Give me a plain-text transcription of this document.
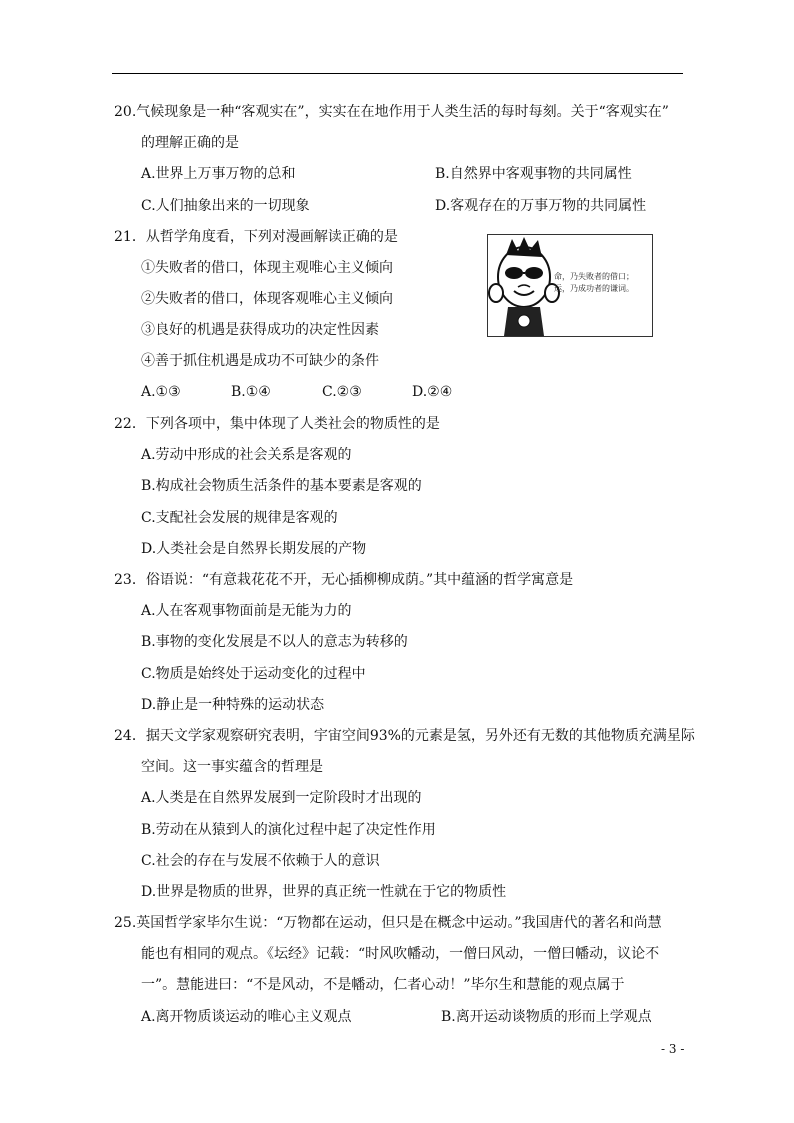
20.气候现象是一种“客观实在”，实实在在地作用于人类生活的每时每刻。关于“客观实在”
的理解正确的是
A.世界上万事万物的总和	B.自然界中客观事物的共同属性
C.人们抽象出来的一切现象	D.客观存在的万事万物的共同属性
21．从哲学角度看，下列对漫画解读正确的是
①失败者的借口，体现主观唯心主义倾向
②失败者的借口，体现客观唯心主义倾向
③良好的机遇是获得成功的决定性因素
④善于抓住机遇是成功不可缺少的条件
A.①③	B.①④	C.②③	D.②④
命，乃失败者的借口；
运，乃成功者的谦词。
22．下列各项中，集中体现了人类社会的物质性的是
A.劳动中形成的社会关系是客观的
B.构成社会物质生活条件的基本要素是客观的
C.支配社会发展的规律是客观的
D.人类社会是自然界长期发展的产物
23．俗语说：“有意栽花花不开，无心插柳柳成荫。”其中蕴涵的哲学寓意是
A.人在客观事物面前是无能为力的
B.事物的变化发展是不以人的意志为转移的
C.物质是始终处于运动变化的过程中
D.静止是一种特殊的运动状态
24．据天文学家观察研究表明，宇宙空间93%的元素是氢，另外还有无数的其他物质充满星际
空间。这一事实蕴含的哲理是
A.人类是在自然界发展到一定阶段时才出现的
B.劳动在从猿到人的演化过程中起了决定性作用
C.社会的存在与发展不依赖于人的意识
D.世界是物质的世界，世界的真正统一性就在于它的物质性
25.英国哲学家毕尔生说：“万物都在运动，但只是在概念中运动。”我国唐代的著名和尚慧
能也有相同的观点。《坛经》记载：“时风吹幡动，一僧曰风动，一僧曰幡动，议论不
一”。慧能进曰：“不是风动，不是幡动，仁者心动！”毕尔生和慧能的观点属于
A.离开物质谈运动的唯心主义观点	B.离开运动谈物质的形而上学观点
- 3 -
